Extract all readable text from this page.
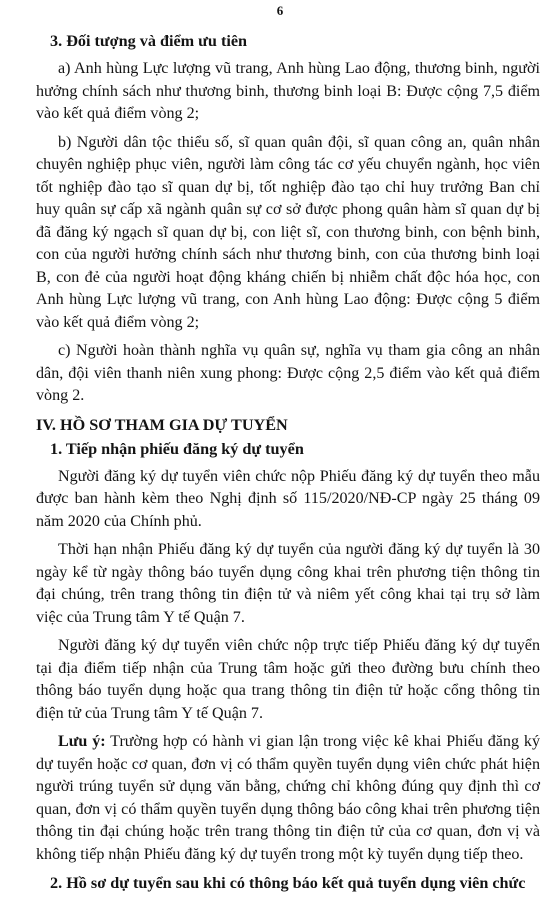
6
3. Đối tượng và điểm ưu tiên

a) Anh hùng Lực lượng vũ trang, Anh hùng Lao động, thương binh, người hưởng chính sách như thương binh, thương binh loại B: Được cộng 7,5 điểm vào kết quả điểm vòng 2;

b) Người dân tộc thiểu số, sĩ quan quân đội, sĩ quan công an, quân nhân chuyên nghiệp phục viên, người làm công tác cơ yếu chuyển ngành, học viên tốt nghiệp đào tạo sĩ quan dự bị, tốt nghiệp đào tạo chỉ huy trưởng Ban chỉ huy quân sự cấp xã ngành quân sự cơ sở được phong quân hàm sĩ quan dự bị đã đăng ký ngạch sĩ quan dự bị, con liệt sĩ, con thương binh, con bệnh binh, con của người hưởng chính sách như thương binh, con của thương binh loại B, con đẻ của người hoạt động kháng chiến bị nhiễm chất độc hóa học, con Anh hùng Lực lượng vũ trang, con Anh hùng Lao động: Được cộng 5 điểm vào kết quả điểm vòng 2;

c) Người hoàn thành nghĩa vụ quân sự, nghĩa vụ tham gia công an nhân dân, đội viên thanh niên xung phong: Được cộng 2,5 điểm vào kết quả điểm vòng 2.

IV. HỒ SƠ THAM GIA DỰ TUYỂN
1. Tiếp nhận phiếu đăng ký dự tuyển

Người đăng ký dự tuyển viên chức nộp Phiếu đăng ký dự tuyển theo mẫu được ban hành kèm theo Nghị định số 115/2020/NĐ-CP ngày 25 tháng 09 năm 2020 của Chính phủ.

Thời hạn nhận Phiếu đăng ký dự tuyển của người đăng ký dự tuyển là 30 ngày kể từ ngày thông báo tuyển dụng công khai trên phương tiện thông tin đại chúng, trên trang thông tin điện tử và niêm yết công khai tại trụ sở làm việc của Trung tâm Y tế Quận 7.

Người đăng ký dự tuyển viên chức nộp trực tiếp Phiếu đăng ký dự tuyển tại địa điểm tiếp nhận của Trung tâm hoặc gửi theo đường bưu chính theo thông báo tuyển dụng hoặc qua trang thông tin điện tử hoặc cổng thông tin điện tử của Trung tâm Y tế Quận 7.

Lưu ý: Trường hợp có hành vi gian lận trong việc kê khai Phiếu đăng ký dự tuyển hoặc cơ quan, đơn vị có thẩm quyền tuyển dụng viên chức phát hiện người trúng tuyển sử dụng văn bằng, chứng chỉ không đúng quy định thì cơ quan, đơn vị có thẩm quyền tuyển dụng thông báo công khai trên phương tiện thông tin đại chúng hoặc trên trang thông tin điện tử của cơ quan, đơn vị và không tiếp nhận Phiếu đăng ký dự tuyển trong một kỳ tuyển dụng tiếp theo.

2. Hồ sơ dự tuyển sau khi có thông báo kết quả tuyển dụng viên chức
